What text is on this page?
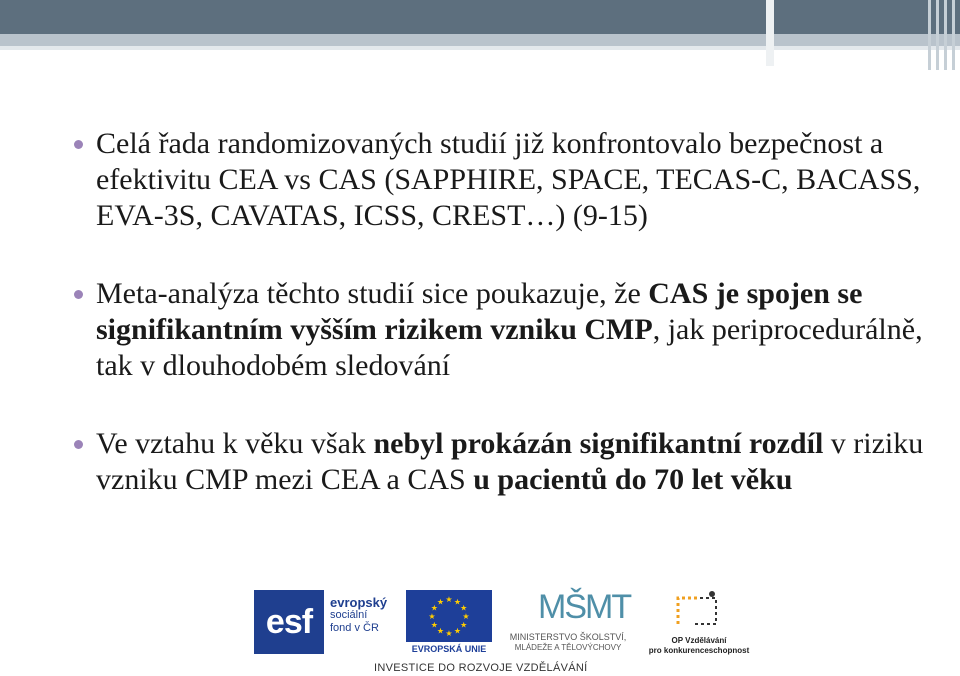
Celá řada randomizovaných studií již konfrontovalo bezpečnost a efektivitu CEA vs CAS (SAPPHIRE, SPACE, TECAS-C, BACASS, EVA-3S, CAVATAS, ICSS, CREST…) (9-15)
Meta-analýza těchto studií sice poukazuje, že CAS je spojen se signifikantním vyšším rizikem vzniku CMP, jak periprocedurálně, tak v dlouhodobém sledování
Ve vztahu k věku však nebyl prokázán signifikantní rozdíl v riziku vzniku CMP mezi CEA a CAS u pacientů do 70 let věku
esf
evropský
sociální
fond v ČR
★
★
★
★
★
★
★
★
★ ★ ★
★
EVROPSKÁ UNIE
MŠMT
MINISTERSTVO ŠKOLSTVÍ,
MLÁDEŽE A TĚLOVÝCHOVY
OP Vzdělávání
pro konkurenceschopnost
INVESTICE DO ROZVOJE VZDĚLÁVÁNÍ
